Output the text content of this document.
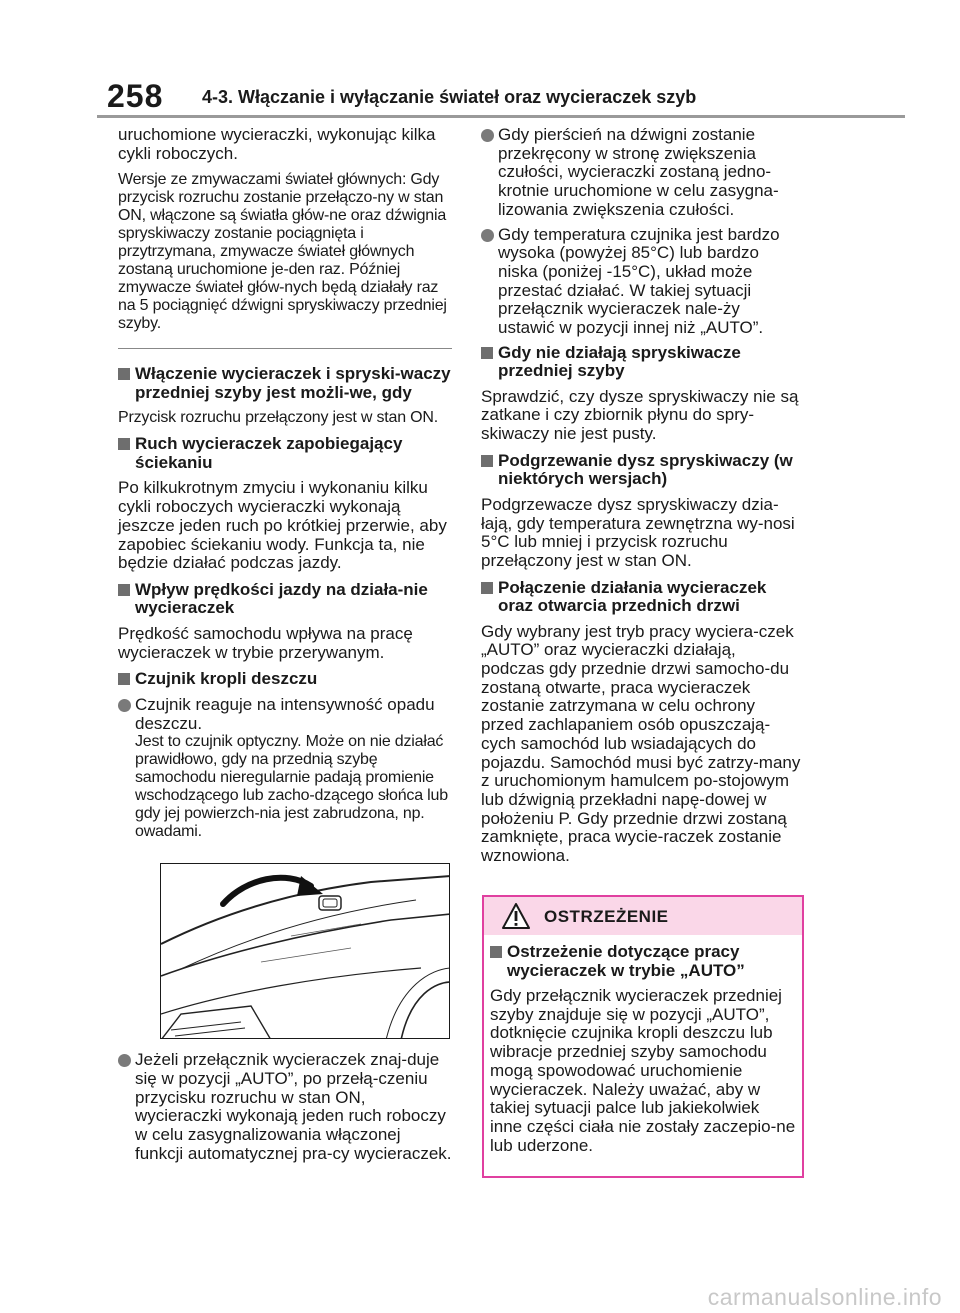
258 4-3. Włączanie i wyłączanie świateł oraz wycieraczek szyb

uruchomione wycieraczki, wykonując kilka cykli roboczych.

Wersje ze zmywaczami świateł głównych: Gdy przycisk rozruchu zostanie przełączo-ny w stan ON, włączone są światła głów-ne oraz dźwignia spryskiwaczy zostanie pociągnięta i przytrzymana, zmywacze świateł głównych zostaną uruchomione je-den raz. Później zmywacze świateł głów-nych będą działały raz na 5 pociągnięć dźwigni spryskiwaczy przedniej szyby.

Włączenie wycieraczek i spryski-waczy przedniej szyby jest możli-we, gdy

Przycisk rozruchu przełączony jest w stan ON.

Ruch wycieraczek zapobiegający ściekaniu

Po kilkukrotnym zmyciu i wykonaniu kilku cykli roboczych wycieraczki wykonają jeszcze jeden ruch po krótkiej przerwie, aby zapobiec ściekaniu wody. Funkcja ta, nie będzie działać podczas jazdy.

Wpływ prędkości jazdy na działa-nie wycieraczek

Prędkość samochodu wpływa na pracę wycieraczek w trybie przerywanym.

Czujnik kropli deszczu
Czujnik reaguje na intensywność opadu deszczu.

Jest to czujnik optyczny. Może on nie działać prawidłowo, gdy na przednią szybę samochodu nieregularnie padają promienie wschodzącego lub zacho-dzącego słońca lub gdy jej powierzch-nia jest zabrudzona, np. owadami.

Jeżeli przełącznik wycieraczek znaj-duje się w pozycji „AUTO”, po przełą-czeniu przycisku rozruchu w stan ON, wycieraczki wykonają jeden ruch roboczy w celu zasygnalizowania włączonej funkcji automatycznej pra-cy wycieraczek.
Gdy pierścień na dźwigni zostanie przekręcony w stronę zwiększenia czułości, wycieraczki zostaną jedno-krotnie uruchomione w celu zasygna-lizowania zwiększenia czułości.
Gdy temperatura czujnika jest bardzo wysoka (powyżej 85°C) lub bardzo niska (poniżej -15°C), układ może przestać działać. W takiej sytuacji przełącznik wycieraczek nale-ży ustawić w pozycji innej niż „AUTO”.
Gdy nie działają spryskiwacze przedniej szyby

Sprawdzić, czy dysze spryskiwaczy nie są zatkane i czy zbiornik płynu do spry-skiwaczy nie jest pusty.

Podgrzewanie dysz spryskiwaczy (w niektórych wersjach)

Podgrzewacze dysz spryskiwaczy dzia-łają, gdy temperatura zewnętrzna wy-nosi 5°C lub mniej i przycisk rozruchu przełączony jest w stan ON.

Połączenie działania wycieraczek oraz otwarcia przednich drzwi

Gdy wybrany jest tryb pracy wyciera-czek „AUTO” oraz wycieraczki działają, podczas gdy przednie drzwi samocho-du zostaną otwarte, praca wycieraczek zostanie zatrzymana w celu ochrony przed zachlapaniem osób opuszczają-cych samochód lub wsiadających do pojazdu. Samochód musi być zatrzy-many z uruchomionym hamulcem po-stojowym lub dźwignią przekładni napę-dowej w położeniu P. Gdy przednie drzwi zostaną zamknięte, praca wycie-raczek zostanie wznowiona.

OSTRZEŻENIE
Ostrzeżenie dotyczące pracy wycieraczek w trybie „AUTO”

Gdy przełącznik wycieraczek przedniej szyby znajduje się w pozycji „AUTO”, dotknięcie czujnika kropli deszczu lub wibracje przedniej szyby samochodu mogą spowodować uruchomienie wycieraczek. Należy uważać, aby w takiej sytuacji palce lub jakiekolwiek inne części ciała nie zostały zaczepio-ne lub uderzone.

carmanualsonline.info
